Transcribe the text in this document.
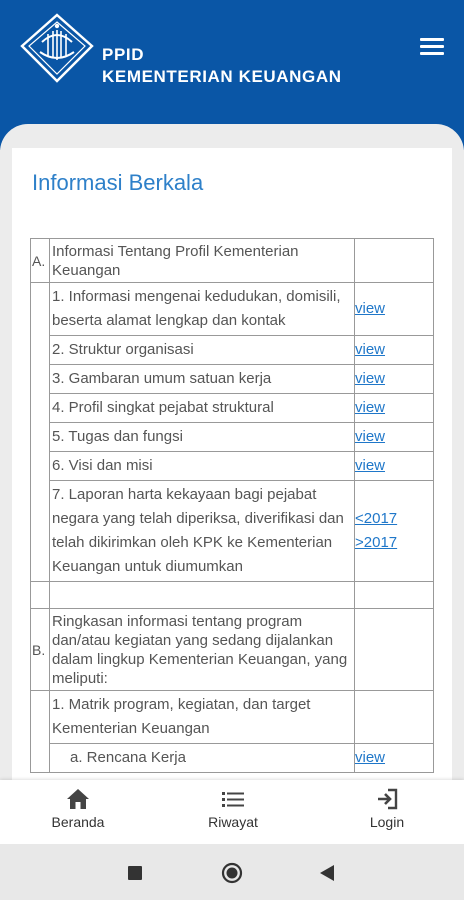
PPID
KEMENTERIAN KEUANGAN
Informasi Berkala
A.	Informasi Tentang Profil Kementerian Keuangan	
	1. Informasi mengenai kedudukan, domisili, beserta alamat lengkap dan kontak	view

	2. Struktur organisasi	view

	3. Gambaran umum satuan kerja	view

	4. Profil singkat pejabat struktural	view

	5. Tugas dan fungsi	view

	6. Visi dan misi	view

	7. Laporan harta kekayaan bagi pejabat negara yang telah diperiksa, diverifikasi dan telah dikirimkan oleh KPK ke Kementerian Keuangan untuk diumumkan	<2017
>2017

B.	Ringkasan informasi tentang program dan/atau kegiatan yang sedang dijalankan dalam lingkup Kementerian Keuangan, yang meliputi:	
	1. Matrik program, kegiatan, dan target Kementerian Keuangan	
	a. Rencana Kerja	view
Beranda	Riwayat	Login
